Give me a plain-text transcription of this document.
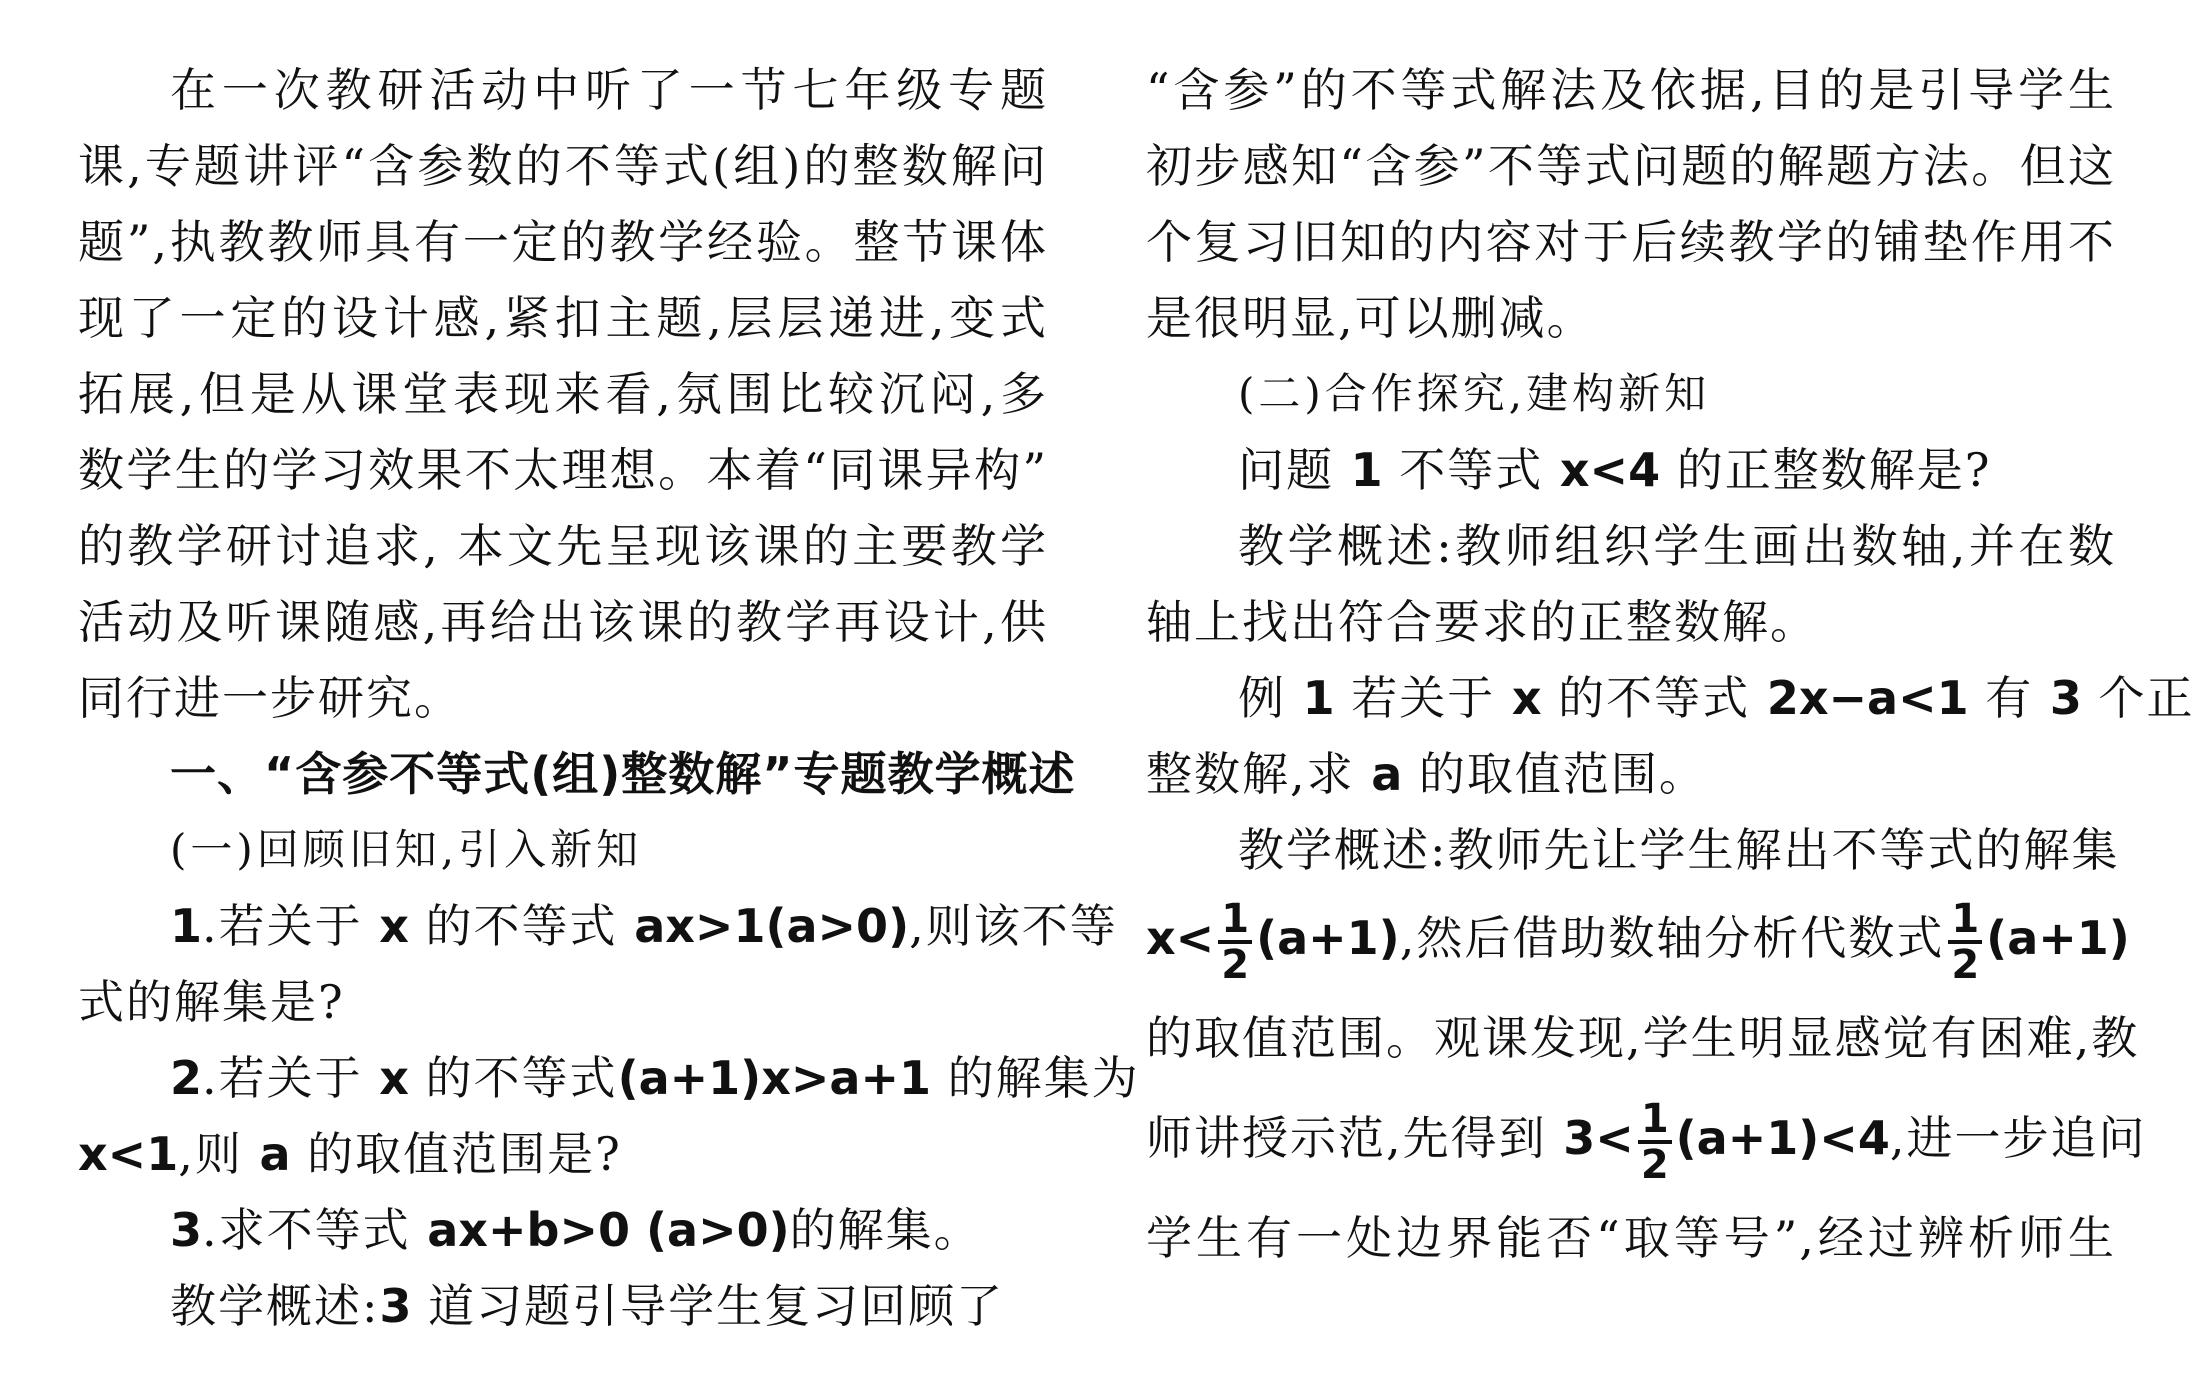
在一次教研活动中听了一节七年级专题
课,专题讲评“含参数的不等式(组)的整数解问
题”,执教教师具有一定的教学经验。整节课体
现了一定的设计感,紧扣主题,层层递进,变式
拓展,但是从课堂表现来看,氛围比较沉闷,多
数学生的学习效果不太理想。本着“同课异构”
的教学研讨追求, 本文先呈现该课的主要教学
活动及听课随感,再给出该课的教学再设计,供
同行进一步研究。
一、“含参不等式(组)整数解”专题教学概述
(一)回顾旧知,引入新知
1.若关于 x 的不等式 ax>1(a>0),则该不等
式的解集是?
2.若关于 x 的不等式(a+1)x>a+1 的解集为
x<1,则 a 的取值范围是?
3.求不等式 ax+b>0 (a>0)的解集。
教学概述:3 道习题引导学生复习回顾了
“含参”的不等式解法及依据,目的是引导学生
初步感知“含参”不等式问题的解题方法。但这
个复习旧知的内容对于后续教学的铺垫作用不
是很明显,可以删减。
(二)合作探究,建构新知
问题 1 不等式 x<4 的正整数解是?
教学概述:教师组织学生画出数轴,并在数
轴上找出符合要求的正整数解。
例 1 若关于 x 的不等式 2x−a<1 有 3 个正
整数解,求 a 的取值范围。
教学概述:教师先让学生解出不等式的解集
$x< \frac{1}{2} (a+1)$,然后借助数轴分析代数式 $\frac{1}{2} (a+1)$
的取值范围。观课发现,学生明显感觉有困难,教
师讲授示范,先得到 $3< \frac{1}{2} (a+1)<4$,进一步追问
学生有一处边界能否“取等号”,经过辨析师生
